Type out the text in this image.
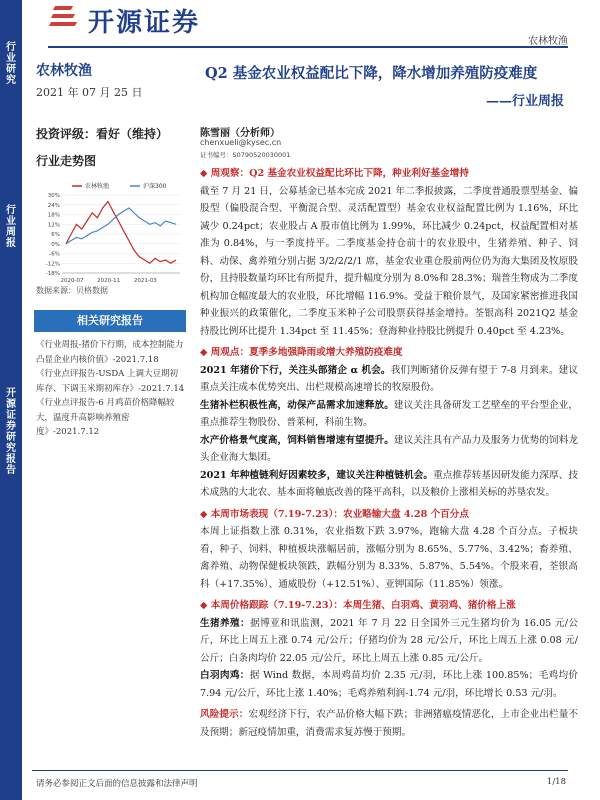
行业研究
行业周报
开源证券研究报告
开源证券
农林牧渔
农林牧渔
2021 年 07 月 25 日
投资评级：看好（维持）
行业走势图
-18%
-12%
-6%
0%
6%
12%
18%
24%
30%
2020-07 2020-11 2021-03
农林牧渔	沪深300
数据来源：贝格数据
相关研究报告
《行业周报-猪价下行期，成本控制能力凸显企业内核价值》-2021.7.18
《行业点评报告-USDA 上调大豆期初库存、下调玉米期初库存》-2021.7.14
《行业点评报告-6 月鸡苗价格降幅较大，温度升高影响养殖密度》-2021.7.12
Q2 基金农业权益配比下降，降水增加养殖防疫难度
——行业周报
陈雪丽（分析师）
chenxueli@kysec.cn
证书编号：S0790520030001

◆ 周观察：Q2 基金农业权益配比环比下降，种业利好基金增持

截至 7 月 21 日，公募基金已基本完成 2021 年二季报披露，二季度普通股票型基金、偏股型（偏股混合型、平衡混合型、灵活配置型）基金农业权益配置比例为 1.16%，环比减少 0.24pct；农业股占 A 股市值比例为 1.99%，环比减少 0.24pct，权益配置相对基准为 0.84%，与一季度持平。二季度基金持仓前十的农业股中，生猪养殖、种子、饲料、动保、禽养殖分别占据 3/2/2/2/1 席，基金农业重仓股前两位仍为海大集团及牧原股份，且持股数量均环比有所提升，提升幅度分别为 8.0%和 28.3%；瑞普生物成为二季度机构加仓幅度最大的农业股，环比增幅 116.9%。受益于粮价景气，及国家紧密推进我国种业振兴的政策催化，二季度玉米种子公司股票获得基金增持。荃银高科 2021Q2 基金持股比例环比提升 1.34pct 至 11.45%；登海种业持股比例提升 0.40pct 至 4.23%。

◆ 周观点：夏季多地强降雨或增大养殖防疫难度

2021 年猪价下行，关注头部猪企 α 机会。我们判断猪价反弹有望于 7-8 月到来。建议重点关注成本优势突出、出栏规模高速增长的牧原股份。

生猪补栏积极性高，动保产品需求加速释放。建议关注具备研发工艺壁垒的平台型企业，重点推荐生物股份、普莱柯，科前生物。

水产价格景气度高，饲料销售增速有望提升。建议关注具有产品力及服务力优势的饲料龙头企业海大集团。

2021 年种植链利好因素较多，建议关注种植链机会。重点推荐转基因研发能力深厚、技术成熟的大北农、基本面将触底改善的隆平高科，以及粮价上涨相关标的苏垦农发。

◆ 本周市场表现（7.19-7.23）：农业略输大盘 4.28 个百分点

本周上证指数上涨 0.31%，农业指数下跌 3.97%，跑输大盘 4.28 个百分点。子板块看，种子、饲料、种植板块涨幅居前，涨幅分别为 8.65%、5.77%、3.42%；畜养殖、禽养殖、动物保健板块领跌，跌幅分别为 8.33%、5.87%、5.54%。个股来看，荃银高科（+17.35%）、通威股份（+12.51%）、亚钾国际（11.85%）领涨。

◆ 本周价格跟踪（7.19-7.23）：本周生猪、白羽鸡、黄羽鸡、猪价格上涨

生猪养殖：据博亚和讯监测，2021 年 7 月 22 日全国外三元生猪均价为 16.05 元/公斤，环比上周五上涨 0.74 元/公斤；仔猪均价为 28 元/公斤，环比上周五上涨 0.08 元/公斤；白条肉均价 22.05 元/公斤，环比上周五上涨 0.85 元/公斤。

白羽肉鸡：据 Wind 数据，本周鸡苗均价 2.35 元/羽，环比上涨 100.85%；毛鸡均价 7.94 元/公斤，环比上涨 1.40%；毛鸡养殖利润-1.74 元/羽，环比增长 0.53 元/羽。

风险提示：宏观经济下行，农产品价格大幅下跌；非洲猪瘟疫情恶化，上市企业出栏量不及预期；新冠疫情加重，消费需求复苏慢于预期。

请务必参阅正文后面的信息披露和法律声明	1/18
